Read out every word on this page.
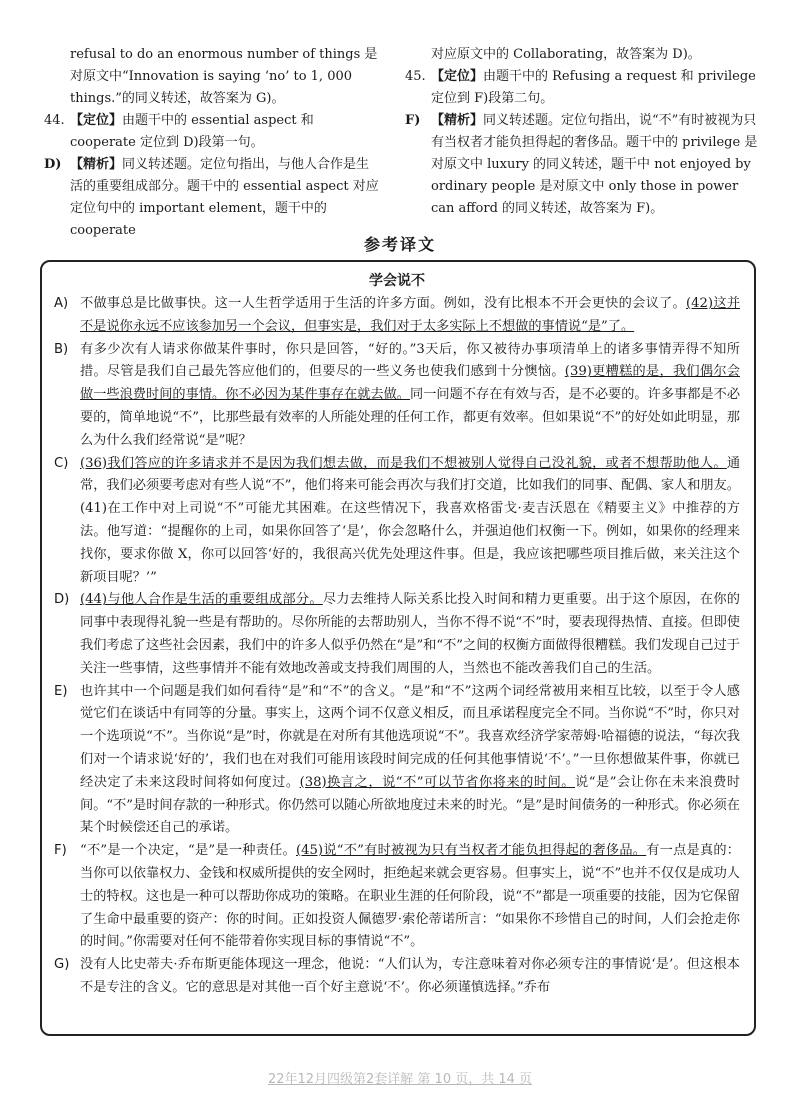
refusal to do an enormous number of things 是对原文中“Innovation is saying ‘no’ to 1, 000 things.”的同义转述，故答案为 G)。

44. 【定位】由题干中的 essential aspect 和 cooperate 定位到 D)段第一句。
D) 【精析】同义转述题。定位句指出，与他人合作是生活的重要组成部分。题干中的 essential aspect 对应定位句中的 important element，题干中的 cooperate

对应原文中的 Collaborating，故答案为 D)。

45. 【定位】由题干中的 Refusing a request 和 privilege 定位到 F)段第二句。
F) 【精析】同义转述题。定位句指出，说“不”有时被视为只有当权者才能负担得起的奢侈品。题干中的 privilege 是对原文中 luxury 的同义转述，题干中 not enjoyed by ordinary people 是对原文中 only those in power can afford 的同义转述，故答案为 F)。
参考译文
学会说不
A) 不做事总是比做事快。这一人生哲学适用于生活的许多方面。例如，没有比根本不开会更快的会议了。(42)这并不是说你永远不应该参加另一个会议，但事实是，我们对于太多实际上不想做的事情说“是”了。
B) 有多少次有人请求你做某件事时，你只是回答，“好的。”3天后，你又被待办事项清单上的诸多事情弄得不知所措。尽管是我们自己最先答应他们的，但要尽的一些义务也使我们感到十分懊恼。(39)更糟糕的是，我们偶尔会做一些浪费时间的事情。你不必因为某件事存在就去做。同一问题不存在有效与否，是不必要的。许多事都是不必要的，简单地说“不”，比那些最有效率的人所能处理的任何工作，都更有效率。但如果说“不”的好处如此明显，那么为什么我们经常说“是”呢？
C) (36)我们答应的许多请求并不是因为我们想去做，而是我们不想被别人觉得自己没礼貌，或者不想帮助他人。通常，我们必须要考虑对有些人说“不”，他们将来可能会再次与我们打交道，比如我们的同事、配偶、家人和朋友。(41)在工作中对上司说“不”可能尤其困难。在这些情况下，我喜欢格雷戈·麦吉沃恩在《精要主义》中推荐的方法。他写道：“提醒你的上司，如果你回答了‘是’，你会忽略什么，并强迫他们权衡一下。例如，如果你的经理来找你，要求你做 X，你可以回答‘好的，我很高兴优先处理这件事。但是，我应该把哪些项目推后做，来关注这个新项目呢？’”
D) (44)与他人合作是生活的重要组成部分。尽力去维持人际关系比投入时间和精力更重要。出于这个原因，在你的同事中表现得礼貌一些是有帮助的。尽你所能的去帮助别人，当你不得不说“不”时，要表现得热情、直接。但即使我们考虑了这些社会因素，我们中的许多人似乎仍然在“是”和“不”之间的权衡方面做得很糟糕。我们发现自己过于关注一些事情，这些事情并不能有效地改善或支持我们周围的人，当然也不能改善我们自己的生活。
E) 也许其中一个问题是我们如何看待“是”和“不”的含义。“是”和“不”这两个词经常被用来相互比较，以至于令人感觉它们在谈话中有同等的分量。事实上，这两个词不仅意义相反，而且承诺程度完全不同。当你说“不”时，你只对一个选项说“不”。当你说“是”时，你就是在对所有其他选项说“不”。我喜欢经济学家蒂姆·哈福德的说法，“每次我们对一个请求说‘好的’，我们也在对我们可能用该段时间完成的任何其他事情说‘不’。”一旦你想做某件事，你就已经决定了未来这段时间将如何度过。(38)换言之，说“不”可以节省你将来的时间。说“是”会让你在未来浪费时间。“不”是时间存款的一种形式。你仍然可以随心所欲地度过未来的时光。“是”是时间债务的一种形式。你必须在某个时候偿还自己的承诺。
F)	“不”是一个决定，“是”是一种责任。(45)说“不”有时被视为只有当权者才能负担得起的奢侈品。有一点是真的：当你可以依靠权力、金钱和权威所提供的安全网时，拒绝起来就会更容易。但事实上，说“不”也并不仅仅是成功人士的特权。这也是一种可以帮助你成功的策略。在职业生涯的任何阶段，说“不”都是一项重要的技能，因为它保留了生命中最重要的资产：你的时间。正如投资人佩德罗·索伦蒂诺所言：“如果你不珍惜自己的时间，人们会抢走你的时间。”你需要对任何不能带着你实现目标的事情说“不”。
G) 没有人比史蒂夫·乔布斯更能体现这一理念，他说：“人们认为，专注意味着对你必须专注的事情说‘是’。但这根本不是专注的含义。它的意思是对其他一百个好主意说‘不’。你必须谨慎选择。”乔布
22年12月四级第2套详解 第 10 页，共 14 页
